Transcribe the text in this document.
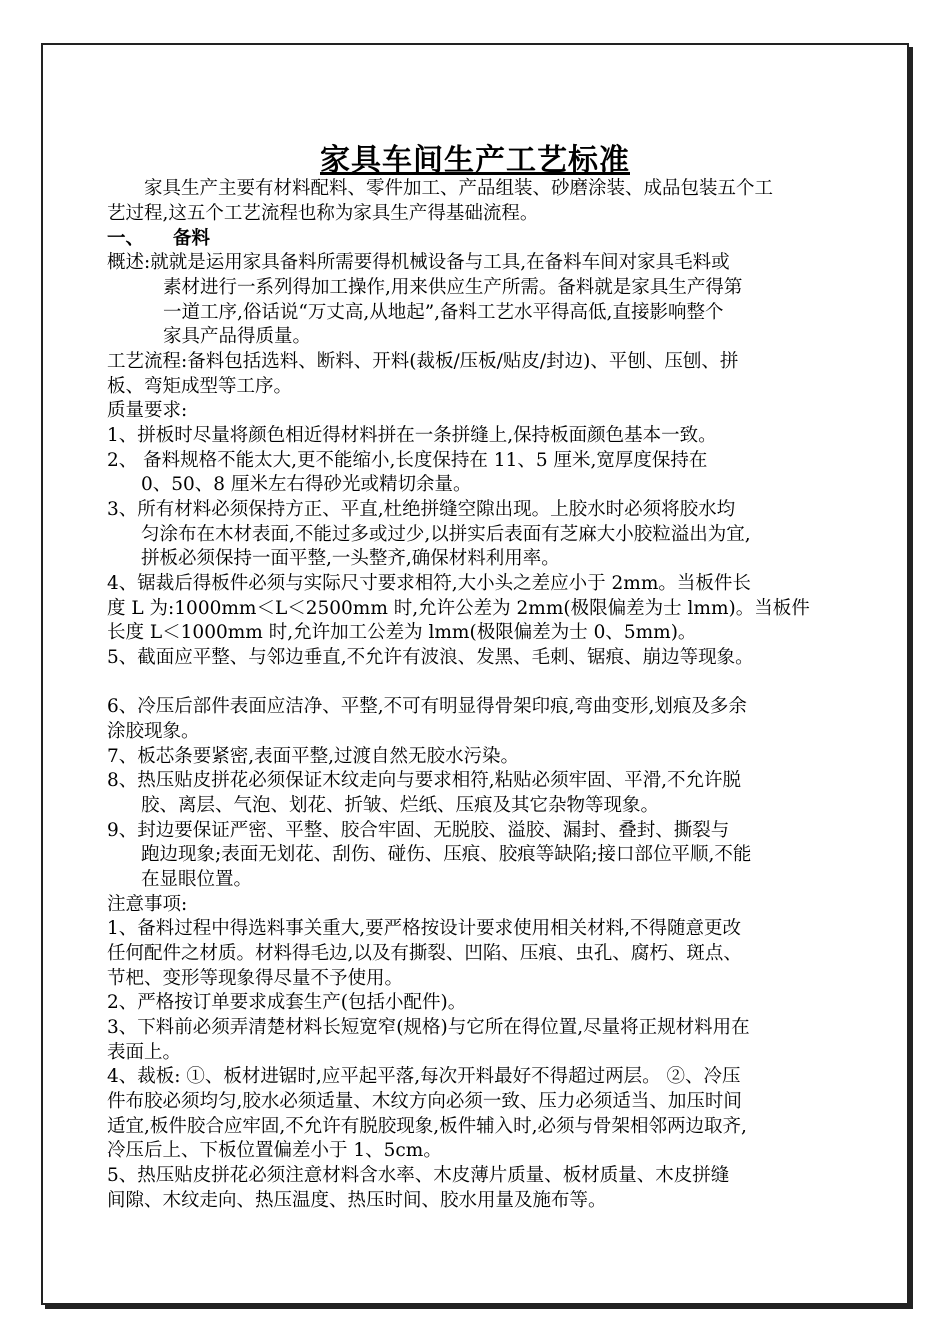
家具车间生产工艺标准
　　家具生产主要有材料配料、零件加工、产品组装、砂磨涂装、成品包装五个工
艺过程,这五个工艺流程也称为家具生产得基础流程。
一、 备料
概述:就就是运用家具备料所需要得机械设备与工具,在备料车间对家具毛料或
素材进行一系列得加工操作,用来供应生产所需。备料就是家具生产得第
一道工序,俗话说“万丈高,从地起”,备料工艺水平得高低,直接影响整个
家具产品得质量。
工艺流程:备料包括选料、断料、开料(裁板/压板/贴皮/封边)、平刨、压刨、拼
板、弯矩成型等工序。
质量要求:
1、拼板时尽量将颜色相近得材料拼在一条拼缝上,保持板面颜色基本一致。
2、 备料规格不能太大,更不能缩小,长度保持在 11、5 厘米,宽厚度保持在
0、50、8 厘米左右得砂光或精切余量。
3、所有材料必须保持方正、平直,杜绝拼缝空隙出现。上胶水时必须将胶水均
匀涂布在木材表面,不能过多或过少,以拼实后表面有芝麻大小胶粒溢出为宜,
拼板必须保持一面平整,一头整齐,确保材料利用率。
4、锯裁后得板件必须与实际尺寸要求相符,大小头之差应小于 2mm。当板件长
度 L 为:1000mm＜L＜2500mm 时,允许公差为 2mm(极限偏差为士 lmm)。当板件
长度 L＜1000mm 时,允许加工公差为 lmm(极限偏差为士 0、5mm)。
5、截面应平整、与邻边垂直,不允许有波浪、发黑、毛刺、锯痕、崩边等现象。
6、冷压后部件表面应洁净、平整,不可有明显得骨架印痕,弯曲变形,划痕及多余
涂胶现象。
7、板芯条要紧密,表面平整,过渡自然无胶水污染。
8、热压贴皮拼花必须保证木纹走向与要求相符,粘贴必须牢固、平滑,不允许脱
胶、离层、气泡、划花、折皱、烂纸、压痕及其它杂物等现象。
9、封边要保证严密、平整、胶合牢固、无脱胶、溢胶、漏封、叠封、撕裂与
跑边现象;表面无划花、刮伤、碰伤、压痕、胶痕等缺陷;接口部位平顺,不能
在显眼位置。
注意事项:
1、备料过程中得选料事关重大,要严格按设计要求使用相关材料,不得随意更改
任何配件之材质。材料得毛边,以及有撕裂、凹陷、压痕、虫孔、腐朽、斑点、
节杷、变形等现象得尽量不予使用。
2、严格按订单要求成套生产(包括小配件)。
3、下料前必须弄清楚材料长短宽窄(规格)与它所在得位置,尽量将正规材料用在
表面上。
4、裁板: ①、板材进锯时,应平起平落,每次开料最好不得超过两层。 ②、冷压
件布胶必须均匀,胶水必须适量、木纹方向必须一致、压力必须适当、加压时间
适宜,板件胶合应牢固,不允许有脱胶现象,板件辅入时,必须与骨架相邻两边取齐,
冷压后上、下板位置偏差小于 1、5cm。
5、热压贴皮拼花必须注意材料含水率、木皮薄片质量、板材质量、木皮拼缝
间隙、木纹走向、热压温度、热压时间、胶水用量及施布等。
